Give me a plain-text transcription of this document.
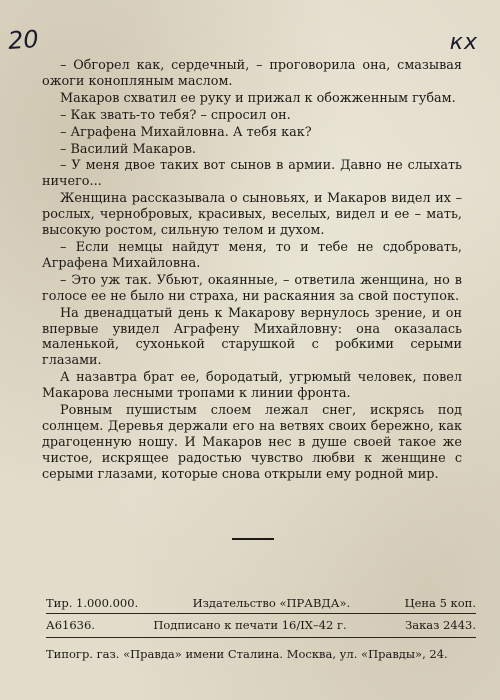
20	кх

– Обгорел как, сердечный, – проговорила она, смазывая ожоги конопляным маслом.

Макаров схватил ее руку и прижал к обожженным губам.

– Как звать-то тебя? – спросил он.

– Аграфена Михайловна. А тебя как?

– Василий Макаров.

– У меня двое таких вот сынов в армии. Давно не слыхать ничего...

Женщина рассказывала о сыновьях, и Макаров видел их – рослых, чернобровых, красивых, веселых, видел и ее – мать, высокую ростом, сильную телом и духом.

– Если немцы найдут меня, то и тебе не сдобровать, Аграфена Михайловна.

– Это уж так. Убьют, окаянные, – ответила женщина, но в голосе ее не было ни страха, ни раскаяния за свой поступок.

На двенадцатый день к Макарову вернулось зрение, и он впервые увидел Аграфену Михайловну: она оказалась маленькой, сухонькой старушкой с робкими серыми глазами.

А назавтра брат ее, бородатый, угрюмый человек, повел Макарова лесными тропами к линии фронта.

Ровным пушистым слоем лежал снег, искрясь под солнцем. Деревья держали его на ветвях своих бережно, как драгоценную ношу. И Макаров нес в душе своей такое же чистое, искрящее радостью чувство любви к женщине с серыми глазами, которые снова открыли ему родной мир.

Тир. 1.000.000.	Издательство «ПРАВДА».	Цена 5 коп.
А61636.	Подписано к печати 16/IX–42 г.	Заказ 2443.
Типогр. газ. «Правда» имени Сталина. Москва, ул. «Правды», 24.
